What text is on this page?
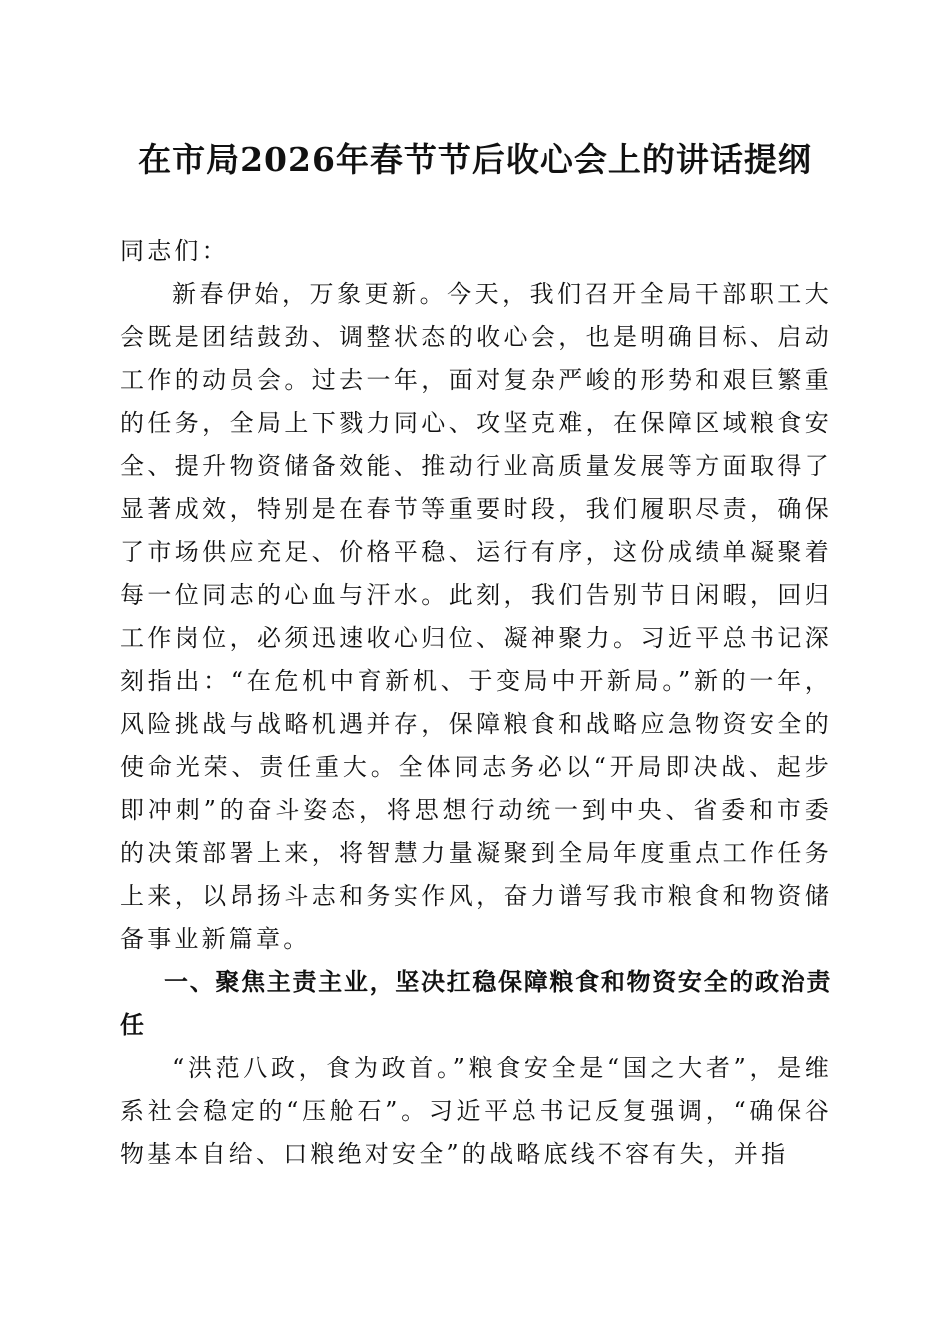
在市局2026年春节节后收心会上的讲话提纲

同志们：

新春伊始，万象更新。今天，我们召开全局干部职工大会既是团结鼓劲、调整状态的收心会，也是明确目标、启动工作的动员会。过去一年，面对复杂严峻的形势和艰巨繁重的任务，全局上下戮力同心、攻坚克难，在保障区域粮食安全、提升物资储备效能、推动行业高质量发展等方面取得了显著成效，特别是在春节等重要时段，我们履职尽责，确保了市场供应充足、价格平稳、运行有序，这份成绩单凝聚着每一位同志的心血与汗水。此刻，我们告别节日闲暇，回归工作岗位，必须迅速收心归位、凝神聚力。习近平总书记深刻指出：“在危机中育新机、于变局中开新局。”新的一年，风险挑战与战略机遇并存，保障粮食和战略应急物资安全的使命光荣、责任重大。全体同志务必以“开局即决战、起步即冲刺”的奋斗姿态，将思想行动统一到中央、省委和市委的决策部署上来，将智慧力量凝聚到全局年度重点工作任务上来，以昂扬斗志和务实作风，奋力谱写我市粮食和物资储备事业新篇章。

一、聚焦主责主业，坚决扛稳保障粮食和物资安全的政治责任

“洪范八政，食为政首。”粮食安全是“国之大者”，是维系社会稳定的“压舱石”。习近平总书记反复强调，“确保谷物基本自给、口粮绝对安全”的战略底线不容有失，并指
